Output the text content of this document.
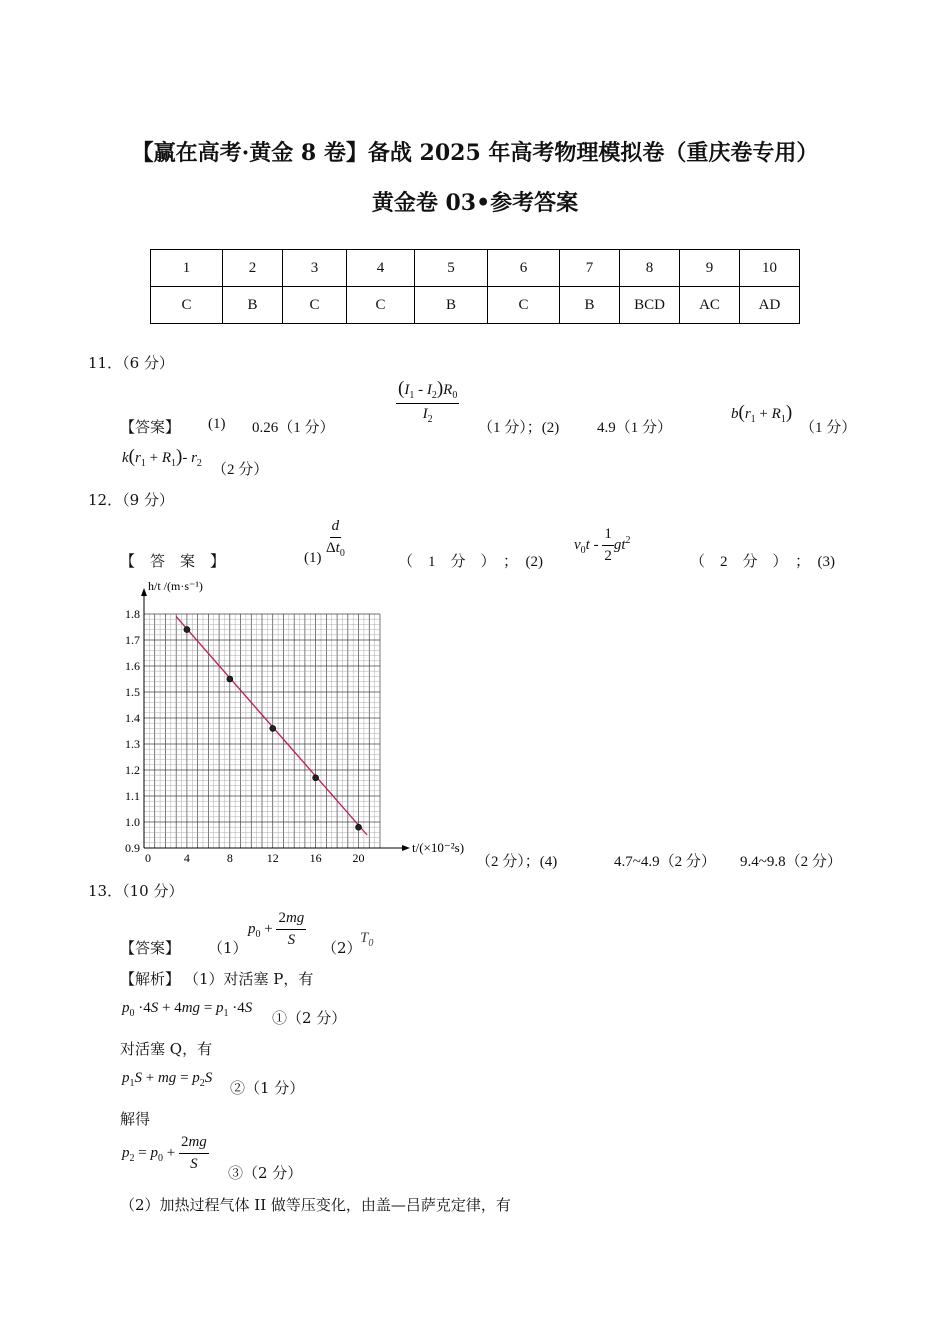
【赢在高考·黄金 8 卷】备战 2025 年高考物理模拟卷（重庆卷专用）
黄金卷 03•参考答案
1	2	3	4	5	6	7	8	9	10
C	B	C	C	B	C	B	BCD	AC	AD
11．（6 分）
【答案】 (1) 0.26（1 分）
$\frac{(I_1 - I_2)R_0}{I_2}$
（1 分）；(2)	4.9（1 分）
$b(r_1 + R_1)$
（1 分）
$k(r_1 + R_1)-$ $r_2$ （2 分）
12．（9 分）
【　答　案　】	$(1) \frac{d}{\Delta t_0}$
（　1　分　）　；　(2)
$v_0t - \frac{1}{2} gt^2$
（　2　分　）　；　(3)
0	4	8	12	16	20
0.9
1.0
1.1
1.2
1.3
1.4
1.5
1.6
1.7
1.8
t/(×10⁻²s)
h/t /(m·s⁻¹)
（2 分）；(4)	4.7~4.9（2 分） 9.4~9.8（2 分）
13．（10 分）
【答案】 （1）
$p_0 + \frac{2mg}{S} (2)$
$T_0$
【解析】 （1）对活塞 P，有
$p_0 \cdot 4S + 4mg = p_1 \cdot 4S$
①（2 分）
对活塞 Q，有
$p_1S$ + mg = $p_2S$
②（1 分）
解得
$p_2 = p_0 + \frac{2mg}{S}$ ③（2 分）
（2）加热过程气体 II 做等压变化，由盖—吕萨克定律，有
